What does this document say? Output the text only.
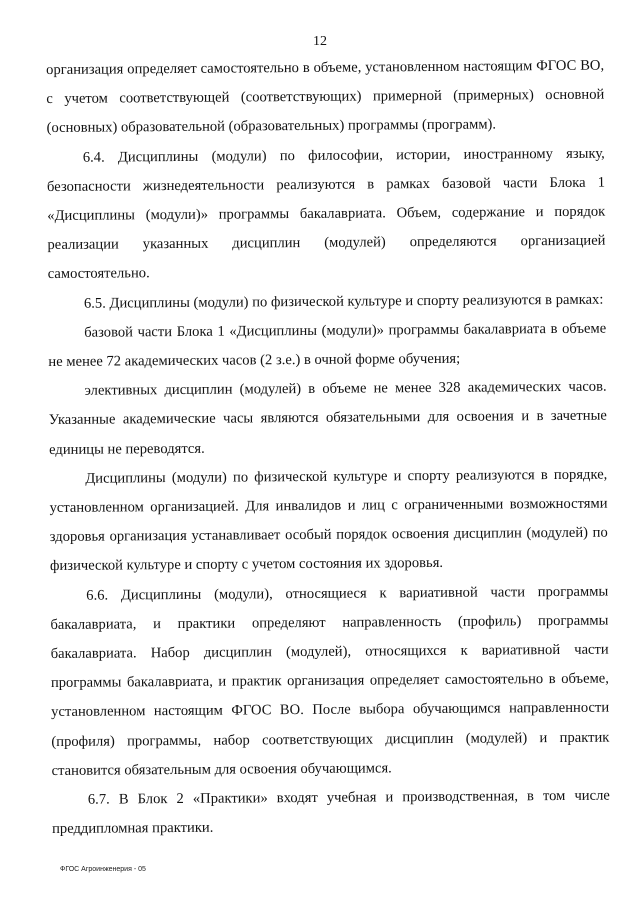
12

организация определяет самостоятельно в объеме, установленном настоящим ФГОС ВО, с учетом соответствующей (соответствующих) примерной (примерных) основной (основных) образовательной (образовательных) программы (программ).

6.4. Дисциплины (модули) по философии, истории, иностранному языку, безопасности жизнедеятельности реализуются в рамках базовой части Блока 1 «Дисциплины (модули)» программы бакалавриата. Объем, содержание и порядок реализации указанных дисциплин (модулей) определяются организацией самостоятельно.

6.5. Дисциплины (модули) по физической культуре и спорту реализуются в рамках:

базовой части Блока 1 «Дисциплины (модули)» программы бакалавриата в объеме не менее 72 академических часов (2 з.е.) в очной форме обучения;

элективных дисциплин (модулей) в объеме не менее 328 академических часов. Указанные академические часы являются обязательными для освоения и в зачетные единицы не переводятся.

Дисциплины (модули) по физической культуре и спорту реализуются в порядке, установленном организацией. Для инвалидов и лиц с ограниченными возможностями здоровья организация устанавливает особый порядок освоения дисциплин (модулей) по физической культуре и спорту с учетом состояния их здоровья.

6.6. Дисциплины (модули), относящиеся к вариативной части программы бакалавриата, и практики определяют направленность (профиль) программы бакалавриата. Набор дисциплин (модулей), относящихся к вариативной части программы бакалавриата, и практик организация определяет самостоятельно в объеме, установленном настоящим ФГОС ВО. После выбора обучающимся направленности (профиля) программы, набор соответствующих дисциплин (модулей) и практик становится обязательным для освоения обучающимся.

6.7. В Блок 2 «Практики» входят учебная и производственная, в том числе преддипломная практики.

ФГОС Агроинженерия - 05
